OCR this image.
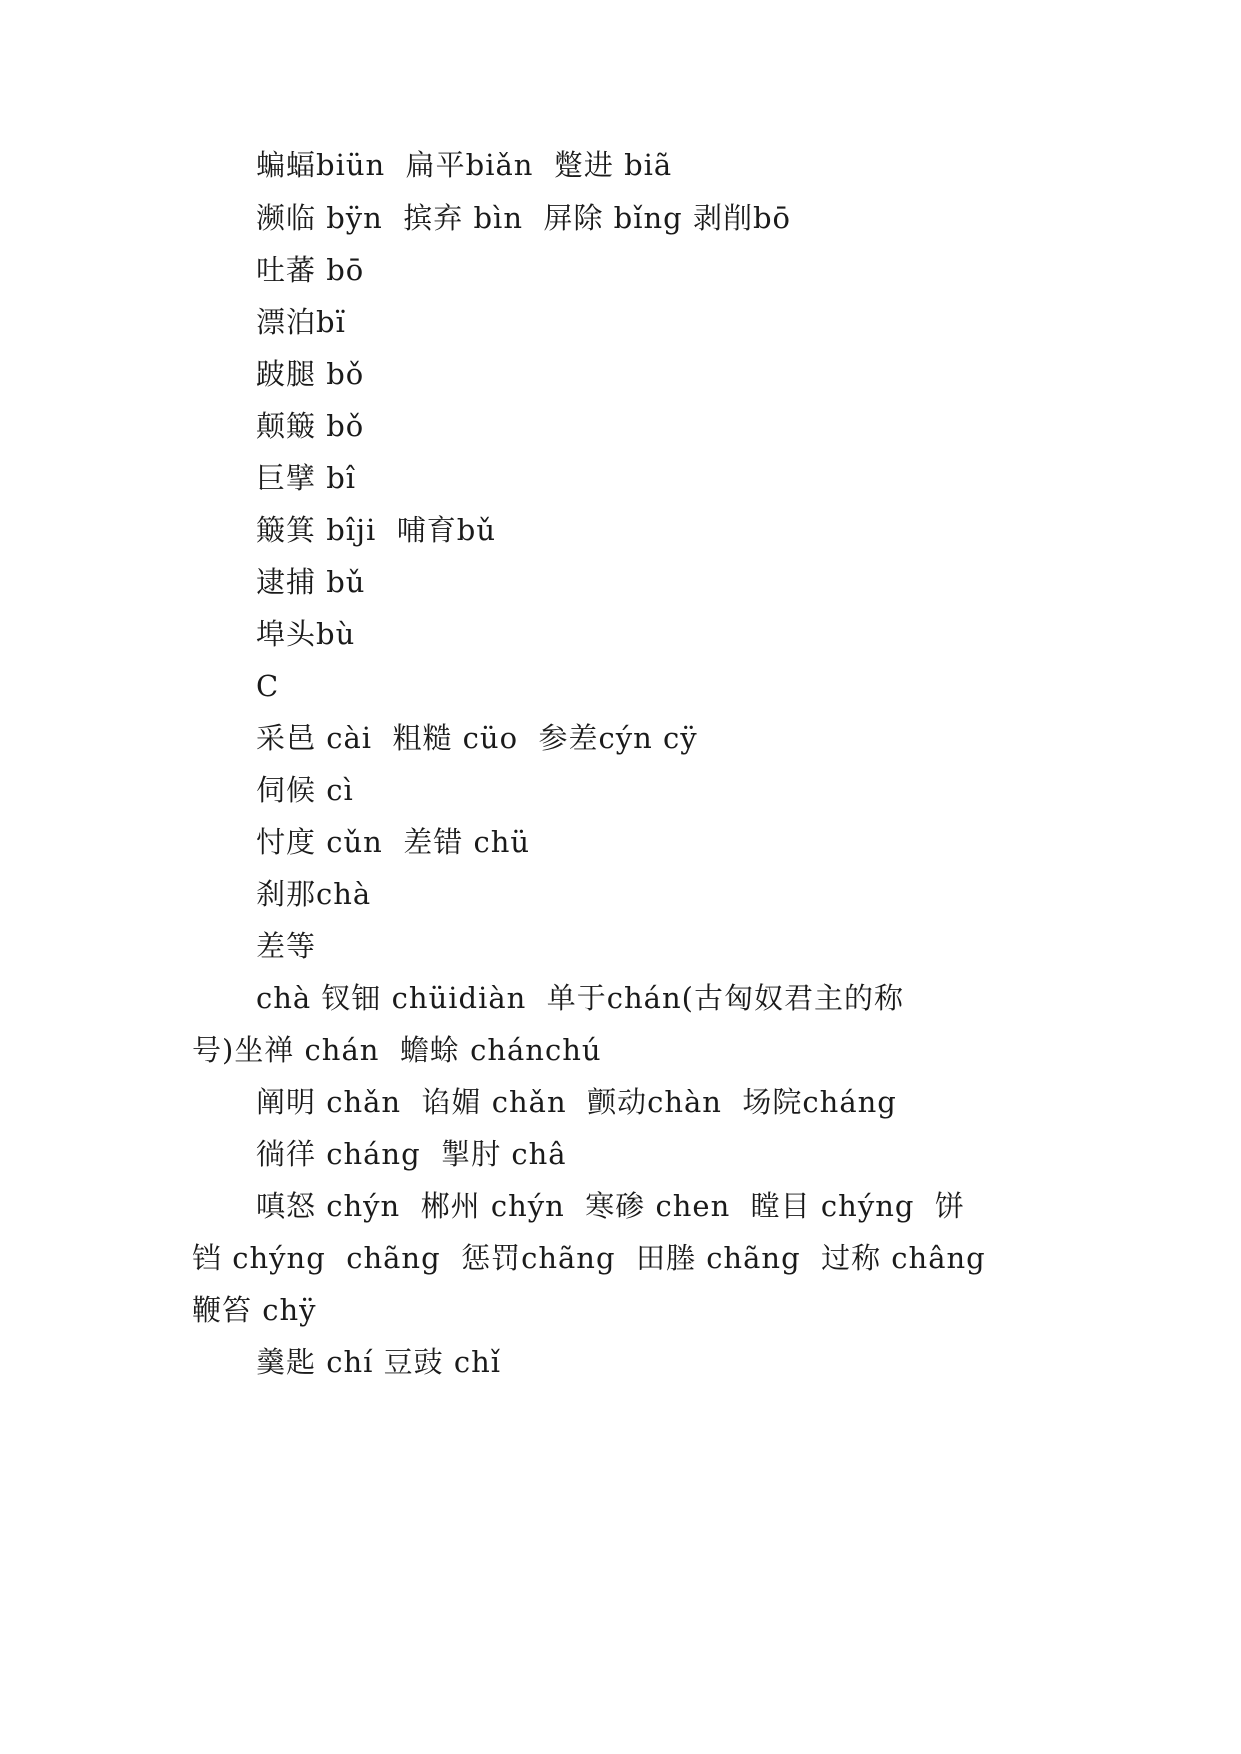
蝙蝠biün  扁平biǎn  蹩进 biã
濒临 bÿn  摈弃 bìn  屏除 bǐng 剥削bō
吐蕃 bō
漂泊bï
跛腿 bǒ
颠簸 bǒ
巨擘 bî
簸箕 bîji  哺育bǔ
逮捕 bǔ
埠头bù
C
采邑 cài  粗糙 cüo  参差cýn cÿ
伺候 cì
忖度 cǔn  差错 chü
刹那chà
差等
chà 钗钿 chüidiàn  单于chán(古匈奴君主的称
号)坐禅 chán  蟾蜍 chánchú
阐明 chǎn  谄媚 chǎn  颤动chàn  场院cháng
徜徉 cháng  掣肘 châ
嗔怒 chýn  郴州 chýn  寒碜 chen  瞠目 chýng  饼
铛 chýng  chãng  惩罚chãng  田塍 chãng  过称 châng
鞭笞 chÿ
羹匙 chí 豆豉 chǐ
